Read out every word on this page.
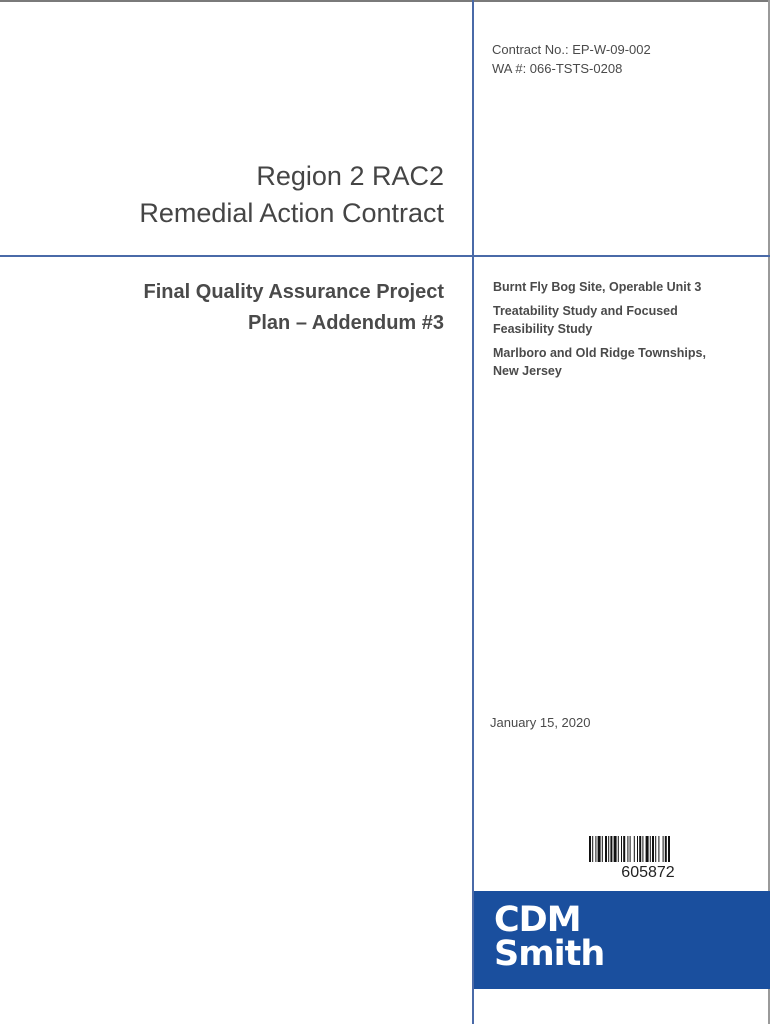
Contract No.: EP-W-09-002
WA #: 066-TSTS-0208
Region 2 RAC2
Remedial Action Contract
Final Quality Assurance Project
Plan – Addendum #3
Burnt Fly Bog Site, Operable Unit 3
Treatability Study and Focused
Feasibility Study
Marlboro and Old Ridge Townships,
New Jersey
January 15, 2020
605872
CDM
Smith
